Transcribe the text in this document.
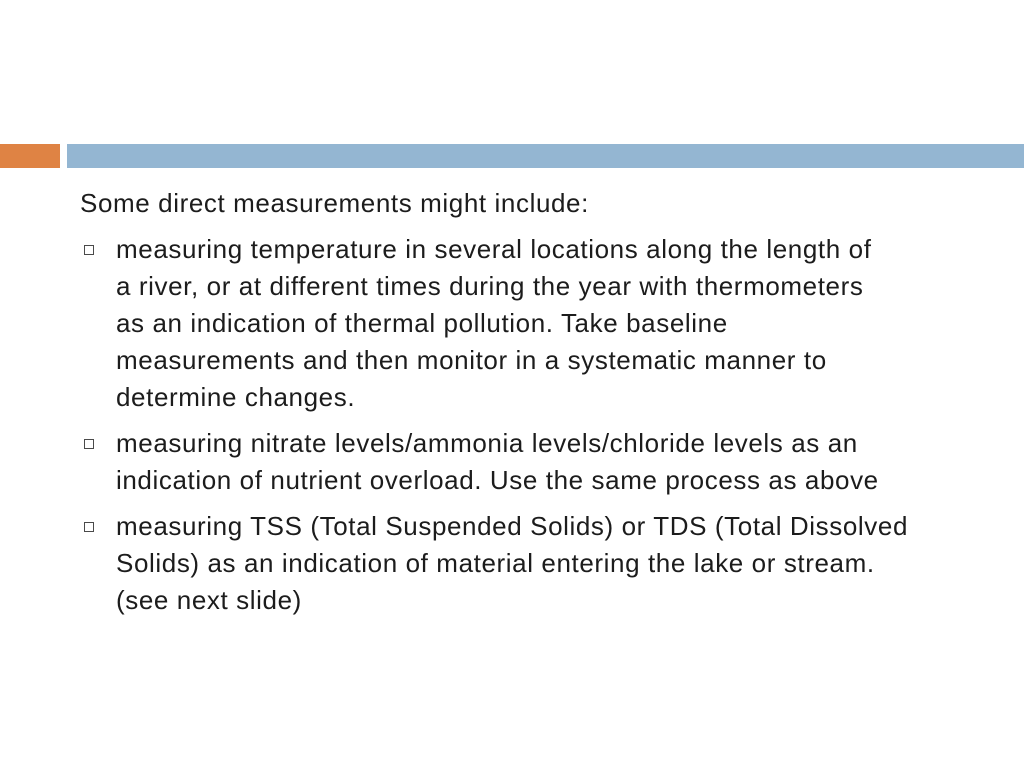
Some direct measurements might include:
measuring temperature in several locations along the length of
a river, or at different times during the year with thermometers
as an indication of thermal pollution. Take baseline
measurements and then monitor in a systematic manner to
determine changes.
measuring nitrate levels/ammonia levels/chloride levels as an
indication of nutrient overload. Use the same process as above
measuring TSS (Total Suspended Solids) or TDS (Total Dissolved
Solids) as an indication of material entering the lake or stream.
(see next slide)
